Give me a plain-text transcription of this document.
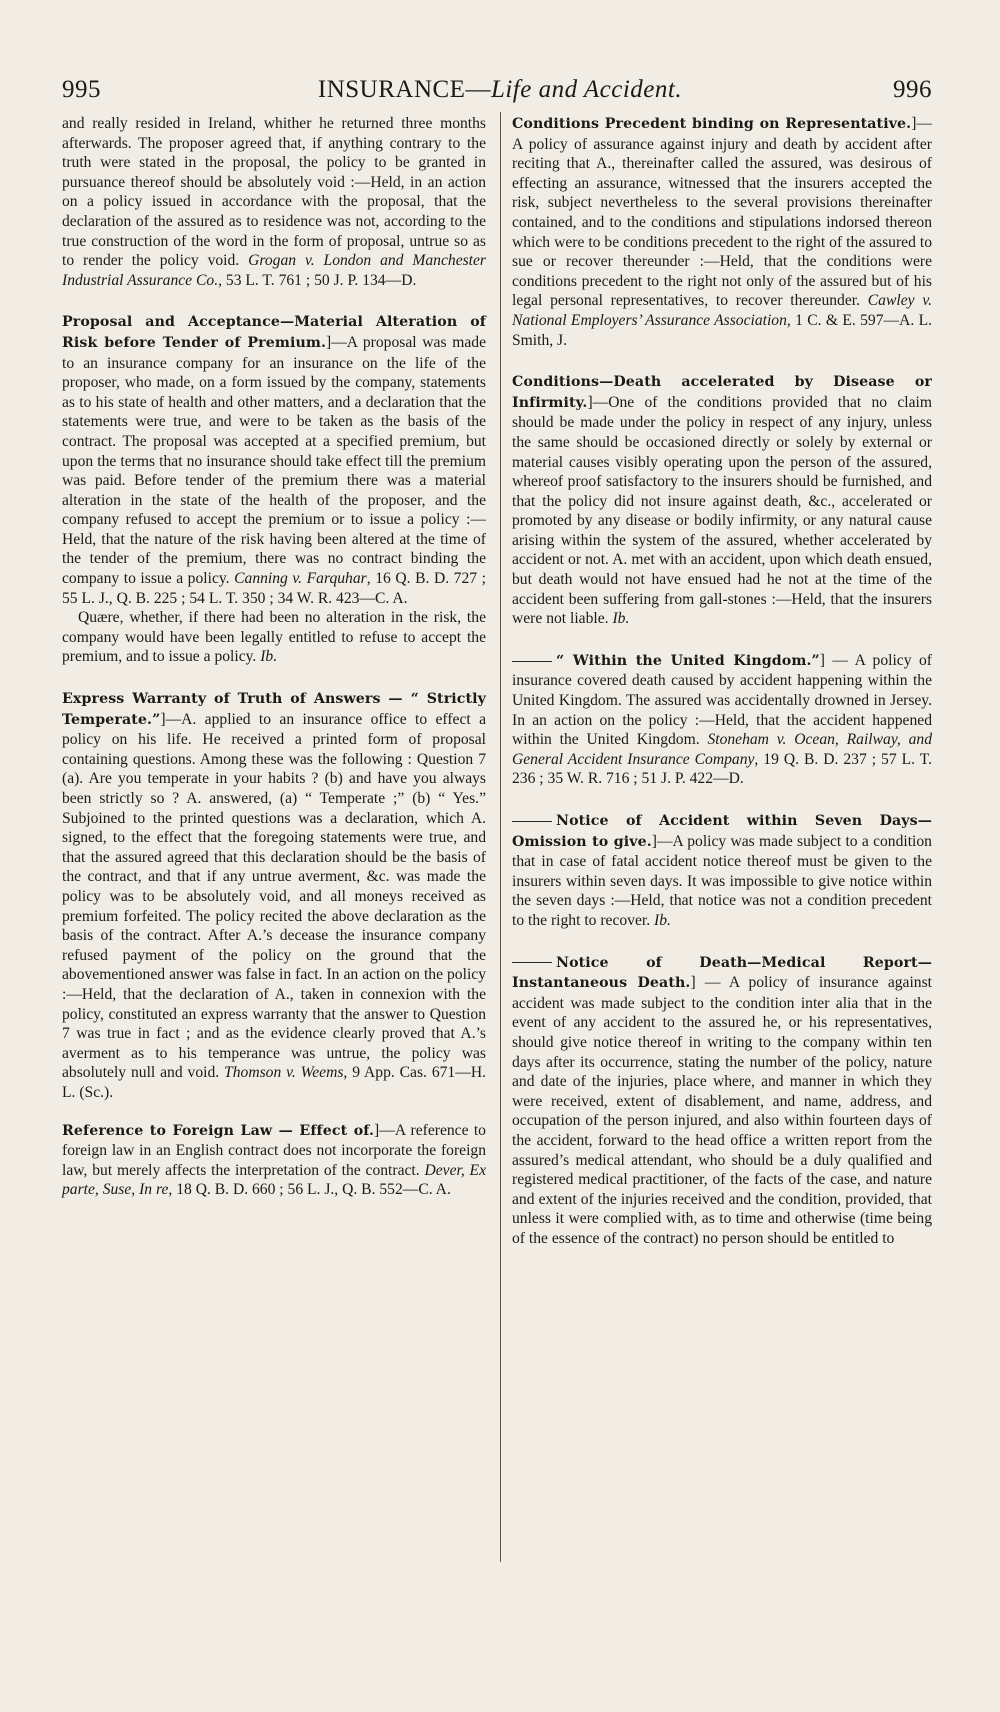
995	INSURANCE—Life and Accident.	996

and really resided in Ireland, whither he returned three months afterwards. The proposer agreed that, if anything contrary to the truth were stated in the proposal, the policy to be granted in pursuance thereof should be absolutely void :—Held, in an action on a policy issued in accordance with the proposal, that the declaration of the assured as to residence was not, according to the true construction of the word in the form of proposal, untrue so as to render the policy void. Grogan v. London and Manchester Industrial Assurance Co., 53 L. T. 761 ; 50 J. P. 134—D.

Proposal and Acceptance—Material Alteration of Risk before Tender of Premium.]—A proposal was made to an insurance company for an insurance on the life of the proposer, who made, on a form issued by the company, statements as to his state of health and other matters, and a declaration that the statements were true, and were to be taken as the basis of the contract. The proposal was accepted at a specified premium, but upon the terms that no insurance should take effect till the premium was paid. Before tender of the premium there was a material alteration in the state of the health of the proposer, and the company refused to accept the premium or to issue a policy :—Held, that the nature of the risk having been altered at the time of the tender of the premium, there was no contract binding the company to issue a policy. Canning v. Farquhar, 16 Q. B. D. 727 ; 55 L. J., Q. B. 225 ; 54 L. T. 350 ; 34 W. R. 423—C. A.

Quære, whether, if there had been no alteration in the risk, the company would have been legally entitled to refuse to accept the premium, and to issue a policy. Ib.

Express Warranty of Truth of Answers — “ Strictly Temperate.”]—A. applied to an insurance office to effect a policy on his life. He received a printed form of proposal containing questions. Among these was the following : Question 7 (a). Are you temperate in your habits ? (b) and have you always been strictly so ? A. answered, (a) “ Temperate ;” (b) “ Yes.” Subjoined to the printed questions was a declaration, which A. signed, to the effect that the foregoing statements were true, and that the assured agreed that this declaration should be the basis of the contract, and that if any untrue averment, &c. was made the policy was to be absolutely void, and all moneys received as premium forfeited. The policy recited the above declaration as the basis of the contract. After A.’s decease the insurance company refused payment of the policy on the ground that the abovementioned answer was false in fact. In an action on the policy :—Held, that the declaration of A., taken in connexion with the policy, constituted an express warranty that the answer to Question 7 was true in fact ; and as the evidence clearly proved that A.’s averment as to his temperance was untrue, the policy was absolutely null and void. Thomson v. Weems, 9 App. Cas. 671—H. L. (Sc.).

Reference to Foreign Law — Effect of.]—A reference to foreign law in an English contract does not incorporate the foreign law, but merely affects the interpretation of the contract. Dever, Ex parte, Suse, In re, 18 Q. B. D. 660 ; 56 L. J., Q. B. 552—C. A.

Conditions Precedent binding on Representative.]—A policy of assurance against injury and death by accident after reciting that A., thereinafter called the assured, was desirous of effecting an assurance, witnessed that the insurers accepted the risk, subject nevertheless to the several provisions thereinafter contained, and to the conditions and stipulations indorsed thereon which were to be conditions precedent to the right of the assured to sue or recover thereunder :—Held, that the conditions were conditions precedent to the right not only of the assured but of his legal personal representatives, to recover thereunder. Cawley v. National Employers’ Assurance Association, 1 C. & E. 597—A. L. Smith, J.

Conditions—Death accelerated by Disease or Infirmity.]—One of the conditions provided that no claim should be made under the policy in respect of any injury, unless the same should be occasioned directly or solely by external or material causes visibly operating upon the person of the assured, whereof proof satisfactory to the insurers should be furnished, and that the policy did not insure against death, &c., accelerated or promoted by any disease or bodily infirmity, or any natural cause arising within the system of the assured, whether accelerated by accident or not. A. met with an accident, upon which death ensued, but death would not have ensued had he not at the time of the accident been suffering from gall-stones :—Held, that the insurers were not liable. Ib.

“ Within the United Kingdom.”] — A policy of insurance covered death caused by accident happening within the United Kingdom. The assured was accidentally drowned in Jersey. In an action on the policy :—Held, that the accident happened within the United Kingdom. Stoneham v. Ocean, Railway, and General Accident Insurance Company, 19 Q. B. D. 237 ; 57 L. T. 236 ; 35 W. R. 716 ; 51 J. P. 422—D.

Notice of Accident within Seven Days—Omission to give.]—A policy was made subject to a condition that in case of fatal accident notice thereof must be given to the insurers within seven days. It was impossible to give notice within the seven days :—Held, that notice was not a condition precedent to the right to recover. Ib.

Notice of Death—Medical Report—Instantaneous Death.] — A policy of insurance against accident was made subject to the condition inter alia that in the event of any accident to the assured he, or his representatives, should give notice thereof in writing to the company within ten days after its occurrence, stating the number of the policy, nature and date of the injuries, place where, and manner in which they were received, extent of disablement, and name, address, and occupation of the person injured, and also within fourteen days of the accident, forward to the head office a written report from the assured’s medical attendant, who should be a duly qualified and registered medical practitioner, of the facts of the case, and nature and extent of the injuries received and the condition, provided, that unless it were complied with, as to time and otherwise (time being of the essence of the contract) no person should be entitled to
